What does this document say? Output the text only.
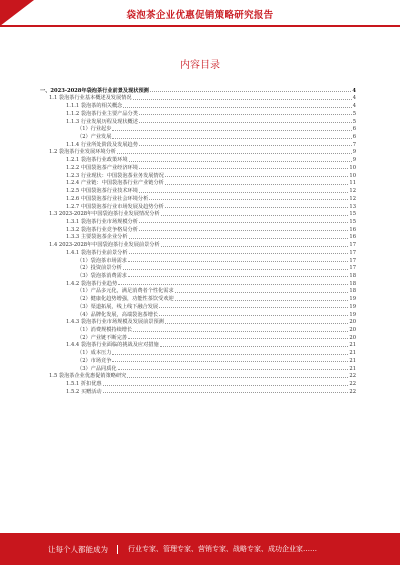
袋泡茶企业优惠促销策略研究报告
内容目录
一、2023-2028年袋泡茶行业前景及现状预测	4
1.1 袋泡茶行业基本概述及发展情况	4
1.1.1 袋泡茶的相关概念	4
1.1.2 袋泡茶行业主要产品分类	5
1.1.3 行业发展历程及现状概述	5
（1）行业起步	6
（2）产业发展	6
1.1.4 行业所处阶段及发展趋势	7
1.2 袋泡茶行业发展环境分析	9
1.2.1 袋泡茶行业政策环境	9
1.2.2 中国袋泡茶产业经济环境	10
1.2.3 行业现状：中国袋泡茶业务发展情况	10
1.2.4 产业链：中国袋泡茶行业产业链分析	11
1.2.5 中国袋泡茶行业技术环境	12
1.2.6 中国袋泡茶行业社会环境分析	12
1.2.7 中国袋泡茶行业市场发展及趋势分析	13
1.3 2023-2028年中国袋泡茶行业发展情况分析	15
1.3.1 袋泡茶行业市场规模分析	15
1.3.2 袋泡茶行业竞争格局分析	16
1.3.3 主要袋泡茶企业分析	16
1.4 2023-2028年中国袋泡茶行业发展前景分析	17
1.4.1 袋泡茶行业前景分析	17
（1）袋泡茶市场需求	17
（2）投资前景分析	17
（3）袋泡茶消费需求	18
1.4.2 袋泡茶行业趋势	18
（1）产品多元化，满足消费者个性化需求	18
（2）健康化趋势增强，功能性茶饮受欢迎	19
（3）渠道拓展，线上线下融合发展	19
（4）品牌化发展，高端袋泡茶增长	19
1.4.3 袋泡茶行业市场规模及发展前景预测	20
（1）消费规模持续增长	20
（2）产业链不断完善	20
1.4.4 袋泡茶行业面临的挑战及应对措施	21
（1）成本压力	21
（2）市场竞争	21
（3）产品同质化	21
1.5 袋泡茶企业优惠促销策略研究	22
1.5.1 折扣优惠	22
1.5.2 买赠活动	22
让每个人都能成为	行业专家、管理专家、营销专家、战略专家、成功企业家……
